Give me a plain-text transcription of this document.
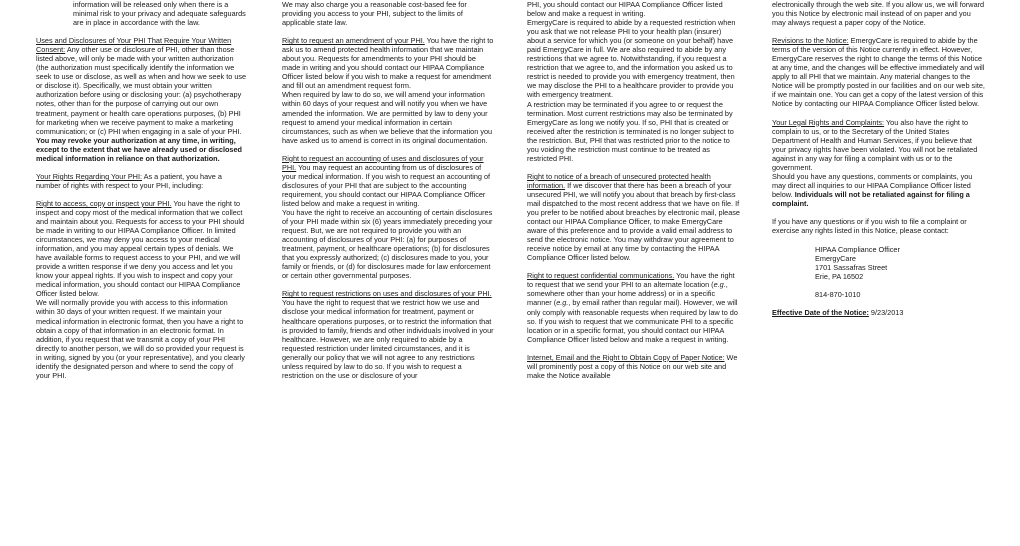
information will be released only when there is a minimal risk to your privacy and adequate safeguards are in place in accordance with the law.

Uses and Disclosures of Your PHI That Require Your Written Consent: Any other use or disclosure of PHI, other than those listed above, will only be made with your written authorization (the authorization must specifically identify the information we seek to use or disclose, as well as when and how we seek to use or disclose it). Specifically, we must obtain your written authorization before using or disclosing your: (a) psychotherapy notes, other than for the purpose of carrying out our own treatment, payment or health care operations purposes, (b) PHI for marketing when we receive payment to make a marketing communication; or (c) PHI when engaging in a sale of your PHI. You may revoke your authorization at any time, in writing, except to the extent that we have already used or disclosed medical information in reliance on that authorization.

Your Rights Regarding Your PHI: As a patient, you have a number of rights with respect to your PHI, including:

Right to access, copy or inspect your PHI. You have the right to inspect and copy most of the medical information that we collect and maintain about you. Requests for access to your PHI should be made in writing to our HIPAA Compliance Officer. In limited circumstances, we may deny you access to your medical information, and you may appeal certain types of denials. We have available forms to request access to your PHI, and we will provide a written response if we deny you access and let you know your appeal rights. If you wish to inspect and copy your medical information, you should contact our HIPAA Compliance Officer listed below.

We will normally provide you with access to this information within 30 days of your written request. If we maintain your medical information in electronic format, then you have a right to obtain a copy of that information in an electronic format. In addition, if you request that we transmit a copy of your PHI directly to another person, we will do so provided your request is in writing, signed by you (or your representative), and you clearly identify the designated person and where to send the copy of your PHI.

We may also charge you a reasonable cost-based fee for providing you access to your PHI, subject to the limits of applicable state law.

Right to request an amendment of your PHI. You have the right to ask us to amend protected health information that we maintain about you. Requests for amendments to your PHI should be made in writing and you should contact our HIPAA Compliance Officer listed below if you wish to make a request for amendment and fill out an amendment request form.

When required by law to do so, we will amend your information within 60 days of your request and will notify you when we have amended the information. We are permitted by law to deny your request to amend your medical information in certain circumstances, such as when we believe that the information you have asked us to amend is correct in its original documentation.

Right to request an accounting of uses and disclosures of your PHI. You may request an accounting from us of disclosures of your medical information. If you wish to request an accounting of disclosures of your PHI that are subject to the accounting requirement, you should contact our HIPAA Compliance Officer listed below and make a request in writing.

You have the right to receive an accounting of certain disclosures of your PHI made within six (6) years immediately preceding your request. But, we are not required to provide you with an accounting of disclosures of your PHI: (a) for purposes of treatment, payment, or healthcare operations; (b) for disclosures that you expressly authorized; (c) disclosures made to you, your family or friends, or (d) for disclosures made for law enforcement or certain other governmental purposes.

Right to request restrictions on uses and disclosures of your PHI. You have the right to request that we restrict how we use and disclose your medical information for treatment, payment or healthcare operations purposes, or to restrict the information that is provided to family, friends and other individuals involved in your healthcare. However, we are only required to abide by a requested restriction under limited circumstances, and it is generally our policy that we will not agree to any restrictions unless required by law to do so. If you wish to request a restriction on the use or disclosure of your

PHI, you should contact our HIPAA Compliance Officer listed below and make a request in writing.

EmergyCare is required to abide by a requested restriction when you ask that we not release PHI to your health plan (insurer) about a service for which you (or someone on your behalf) have paid EmergyCare in full. We are also required to abide by any restrictions that we agree to. Notwithstanding, if you request a restriction that we agree to, and the information you asked us to restrict is needed to provide you with emergency treatment, then we may disclose the PHI to a healthcare provider to provide you with emergency treatment.

A restriction may be terminated if you agree to or request the termination. Most current restrictions may also be terminated by EmergyCare as long we notify you. If so, PHI that is created or received after the restriction is terminated is no longer subject to the restriction. But, PHI that was restricted prior to the notice to you voiding the restriction must continue to be treated as restricted PHI.

Right to notice of a breach of unsecured protected health information. If we discover that there has been a breach of your unsecured PHI, we will notify you about that breach by first-class mail dispatched to the most recent address that we have on file. If you prefer to be notified about breaches by electronic mail, please contact our HIPAA Compliance Officer, to make EmergyCare aware of this preference and to provide a valid email address to send the electronic notice. You may withdraw your agreement to receive notice by email at any time by contacting the HIPAA Compliance Officer listed below.

Right to request confidential communications. You have the right to request that we send your PHI to an alternate location (e.g., somewhere other than your home address) or in a specific manner (e.g., by email rather than regular mail). However, we will only comply with reasonable requests when required by law to do so. If you wish to request that we communicate PHI to a specific location or in a specific format, you should contact our HIPAA Compliance Officer listed below and make a request in writing.

Internet, Email and the Right to Obtain Copy of Paper Notice: We will prominently post a copy of this Notice on our web site and make the Notice available

electronically through the web site. If you allow us, we will forward you this Notice by electronic mail instead of on paper and you may always request a paper copy of the Notice.

Revisions to the Notice: EmergyCare is required to abide by the terms of the version of this Notice currently in effect. However, EmergyCare reserves the right to change the terms of this Notice at any time, and the changes will be effective immediately and will apply to all PHI that we maintain. Any material changes to the Notice will be promptly posted in our facilities and on our web site, if we maintain one. You can get a copy of the latest version of this Notice by contacting our HIPAA Compliance Officer listed below.

Your Legal Rights and Complaints: You also have the right to complain to us, or to the Secretary of the United States Department of Health and Human Services, if you believe that your privacy rights have been violated. You will not be retaliated against in any way for filing a complaint with us or to the government.

Should you have any questions, comments or complaints, you may direct all inquiries to our HIPAA Compliance Officer listed below. Individuals will not be retaliated against for filing a complaint.

If you have any questions or if you wish to file a complaint or exercise any rights listed in this Notice, please contact:

HIPAA Compliance Officer
EmergyCare
1701 Sassafras Street
Erie, PA 16502
814-870-1010
Effective Date of the Notice: 9/23/2013
